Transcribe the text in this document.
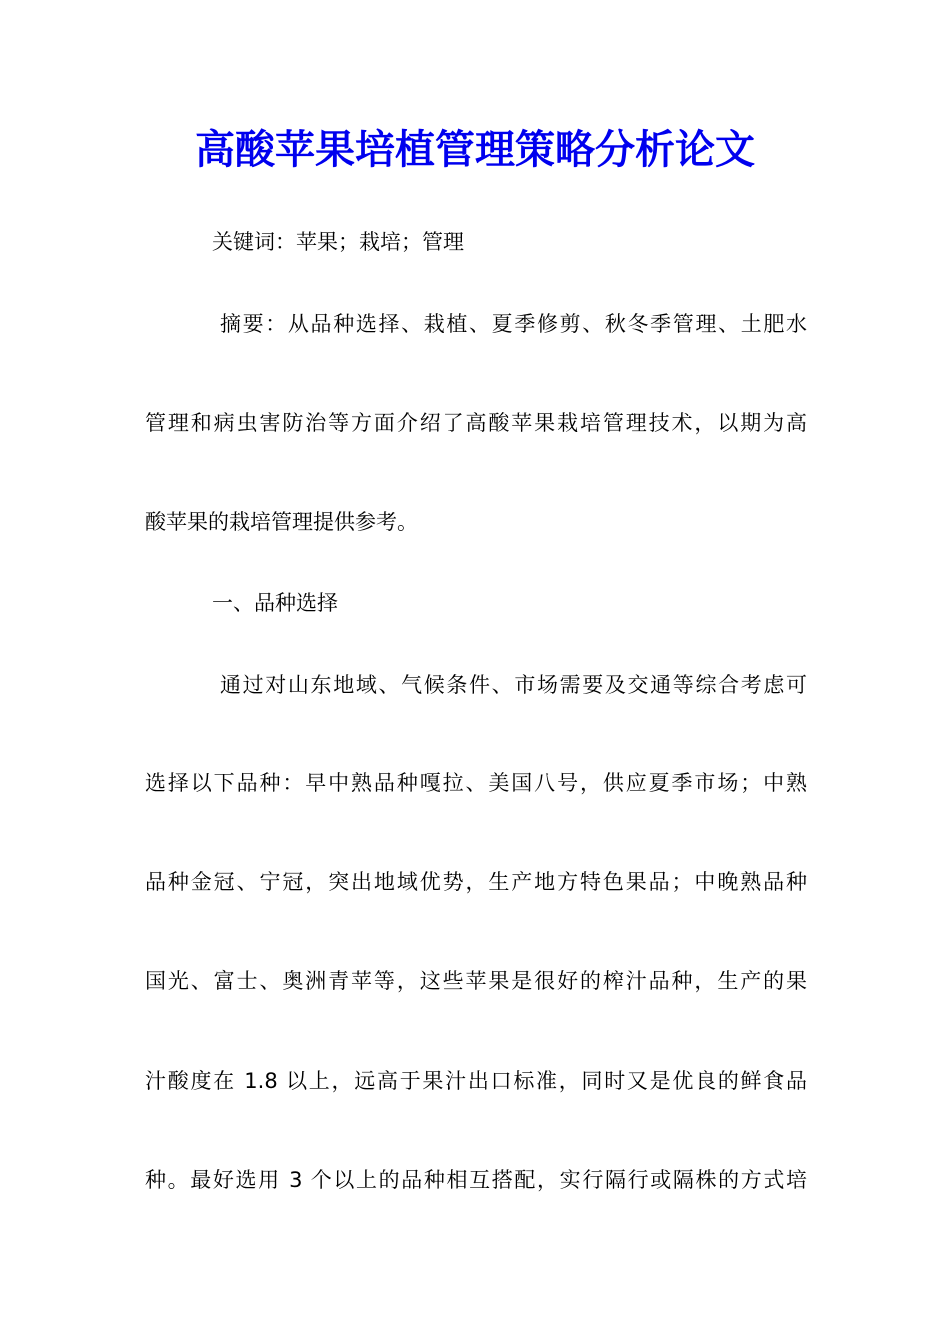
高酸苹果培植管理策略分析论文

关键词：苹果；栽培；管理

摘要：从品种选择、栽植、夏季修剪、秋冬季管理、土肥水

管理和病虫害防治等方面介绍了高酸苹果栽培管理技术，以期为高

酸苹果的栽培管理提供参考。

一、品种选择

通过对山东地域、气候条件、市场需要及交通等综合考虑可

选择以下品种：早中熟品种嘎拉、美国八号，供应夏季市场；中熟

品种金冠、宁冠，突出地域优势，生产地方特色果品；中晚熟品种

国光、富士、奥洲青苹等，这些苹果是很好的榨汁品种，生产的果

汁酸度在 1.8 以上，远高于果汁出口标准，同时又是优良的鲜食品

种。最好选用 3 个以上的品种相互搭配，实行隔行或隔株的方式培
